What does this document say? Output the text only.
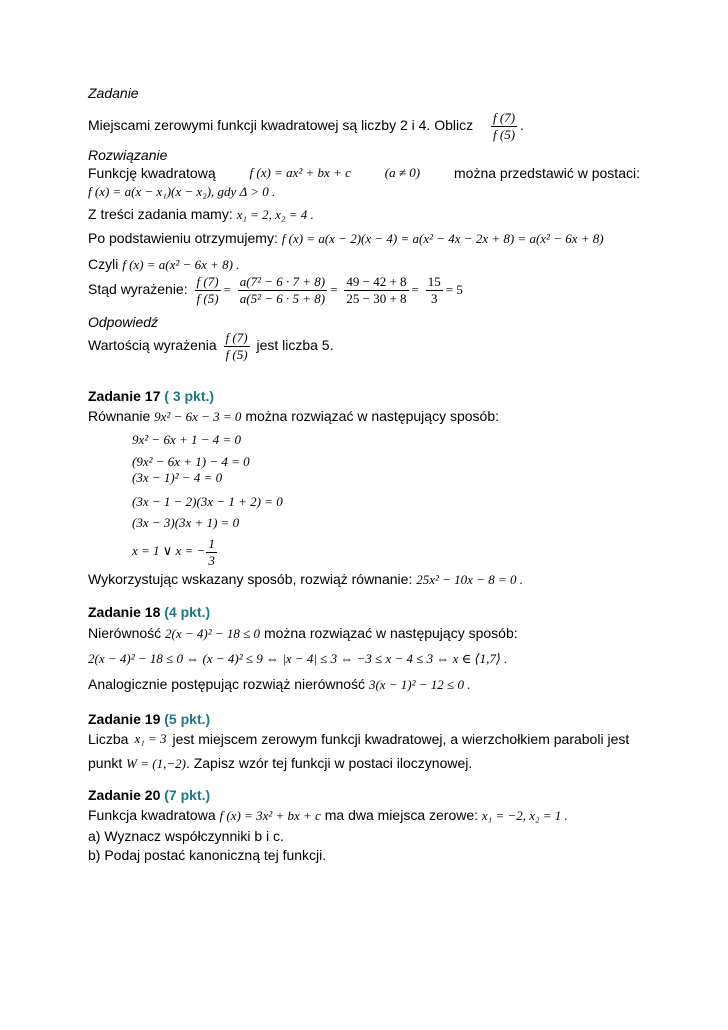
Zadanie
Miejscami zerowymi funkcji kwadratowej są liczby 2 i 4. Oblicz $\frac{f (7)}{f (5)}$ .
Rozwiązanie
Funkcję kwadratową	f (x) = ax² + bx + c	(a ≠ 0) można przedstawić w postaci:
f (x) = a(x − x₁)(x − x₂), gdy Δ > 0 .
Z treści zadania mamy: x₁ = 2, x₂ = 4 .
Po podstawieniu otrzymujemy: f (x) = a(x − 2)(x − 4) = a(x² − 4x − 2x + 8) = a(x² − 6x + 8)
Czyli f (x) = a(x² − 6x + 8) .
Stąd wyrażenie: $\frac{f (7)}{f (5)} = \frac{\text{a(7² − 6 · 7 + 8)}}{\text{a(5² − 6 · 5 + 8)}} = \frac{49 - 42 + 8}{25 - 30 + 8} = \frac{15}{3} = 5$
Odpowiedź
Wartością wyrażenia $\frac{f (7)}{f (5)}$ jest liczba 5.
Zadanie 17 ( 3 pkt.)
Równanie 9x² − 6x − 3 = 0 można rozwiązać w następujący sposób:
9x² − 6x + 1 − 4 = 0
(9x² − 6x + 1) − 4 = 0
(3x − 1)² − 4 = 0
(3x − 1 − 2)(3x − 1 + 2) = 0
(3x − 3)(3x + 1) = 0
x = 1 ∨ x = − $\frac{1}{3}$
Wykorzystując wskazany sposób, rozwiąż równanie: 25x² − 10x − 8 = 0 .
Zadanie 18 (4 pkt.)
Nierówność 2(x − 4)² − 18 ≤ 0 można rozwiązać w następujący sposób:
2(x − 4)² − 18 ≤ 0 ⇔ (x − 4)² ≤ 9 ⇔ |x − 4| ≤ 3 ⇔ −3 ≤ x − 4 ≤ 3 ⇔ x ∈ ⟨1,7⟩ .
Analogicznie postępując rozwiąż nierówność 3(x − 1)² − 12 ≤ 0 .
Zadanie 19 (5 pkt.)
Liczba x₁ = 3 jest miejscem zerowym funkcji kwadratowej, a wierzchołkiem paraboli jest
punkt W = (1,−2). Zapisz wzór tej funkcji w postaci iloczynowej.
Zadanie 20 (7 pkt.)
Funkcja kwadratowa f (x) = 3x² + bx + c ma dwa miejsca zerowe: x₁ = −2, x₂ = 1 .
a) Wyznacz współczynniki b i c.
b) Podaj postać kanoniczną tej funkcji.
